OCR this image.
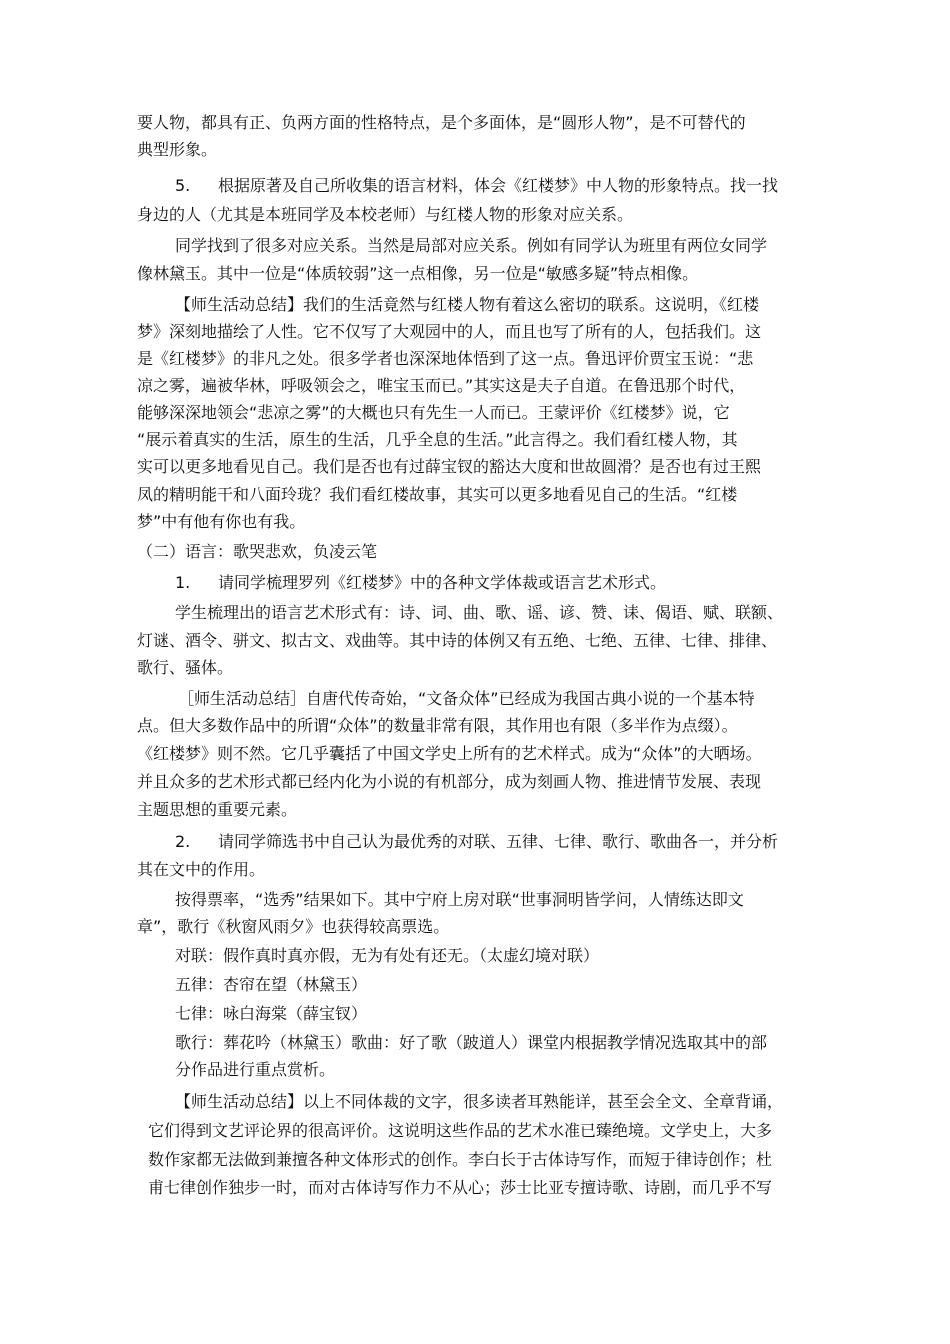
要人物，都具有正、负两方面的性格特点，是个多面体，是“圆形人物”，是不可替代的
典型形象。
5. 根据原著及自己所收集的语言材料，体会《红楼梦》中人物的形象特点。找一找
身边的人（尤其是本班同学及本校老师）与红楼人物的形象对应关系。
同学找到了很多对应关系。当然是局部对应关系。例如有同学认为班里有两位女同学
像林黛玉。其中一位是“体质较弱”这一点相像，另一位是“敏感多疑”特点相像。
【师生活动总结】我们的生活竟然与红楼人物有着这么密切的联系。这说明，《红楼
梦》深刻地描绘了人性。它不仅写了大观园中的人，而且也写了所有的人，包括我们。这
是《红楼梦》的非凡之处。很多学者也深深地体悟到了这一点。鲁迅评价贾宝玉说：“悲
凉之雾，遍被华林，呼吸领会之，唯宝玉而已。”其实这是夫子自道。在鲁迅那个时代，
能够深深地领会“悲凉之雾”的大概也只有先生一人而已。王蒙评价《红楼梦》说，它
“展示着真实的生活，原生的生活，几乎全息的生活。”此言得之。我们看红楼人物，其
实可以更多地看见自己。我们是否也有过薛宝钗的豁达大度和世故圆滑？是否也有过王熙
凤的精明能干和八面玲珑？我们看红楼故事，其实可以更多地看见自己的生活。“红楼
梦”中有他有你也有我。
（二）语言：歌哭悲欢，负凌云笔
1. 请同学梳理罗列《红楼梦》中的各种文学体裁或语言艺术形式。
学生梳理出的语言艺术形式有：诗、词、曲、歌、谣、谚、赞、诔、偈语、赋、联额、
灯谜、酒令、骈文、拟古文、戏曲等。其中诗的体例又有五绝、七绝、五律、七律、排律、
歌行、骚体。
［师生活动总结］自唐代传奇始，“文备众体”已经成为我国古典小说的一个基本特
点。但大多数作品中的所谓“众体”的数量非常有限，其作用也有限（多半作为点缀）。
《红楼梦》则不然。它几乎囊括了中国文学史上所有的艺术样式。成为“众体”的大晒场。
并且众多的艺术形式都已经内化为小说的有机部分，成为刻画人物、推进情节发展、表现
主题思想的重要元素。
2. 请同学筛选书中自己认为最优秀的对联、五律、七律、歌行、歌曲各一，并分析
其在文中的作用。
按得票率，“选秀”结果如下。其中宁府上房对联“世事洞明皆学问，人情练达即文
章”，歌行《秋窗风雨夕》也获得较高票选。
对联：假作真时真亦假，无为有处有还无。（太虚幻境对联）
五律：杏帘在望（林黛玉）
七律：咏白海棠（薛宝钗）
歌行：葬花吟（林黛玉）歌曲：好了歌（跛道人）课堂内根据教学情况选取其中的部
分作品进行重点赏析。
【师生活动总结】以上不同体裁的文字，很多读者耳熟能详，甚至会全文、全章背诵，
它们得到文艺评论界的很高评价。这说明这些作品的艺术水准已臻绝境。文学史上，大多
数作家都无法做到兼擅各种文体形式的创作。李白长于古体诗写作，而短于律诗创作；杜
甫七律创作独步一时，而对古体诗写作力不从心；莎士比亚专擅诗歌、诗剧，而几乎不写
